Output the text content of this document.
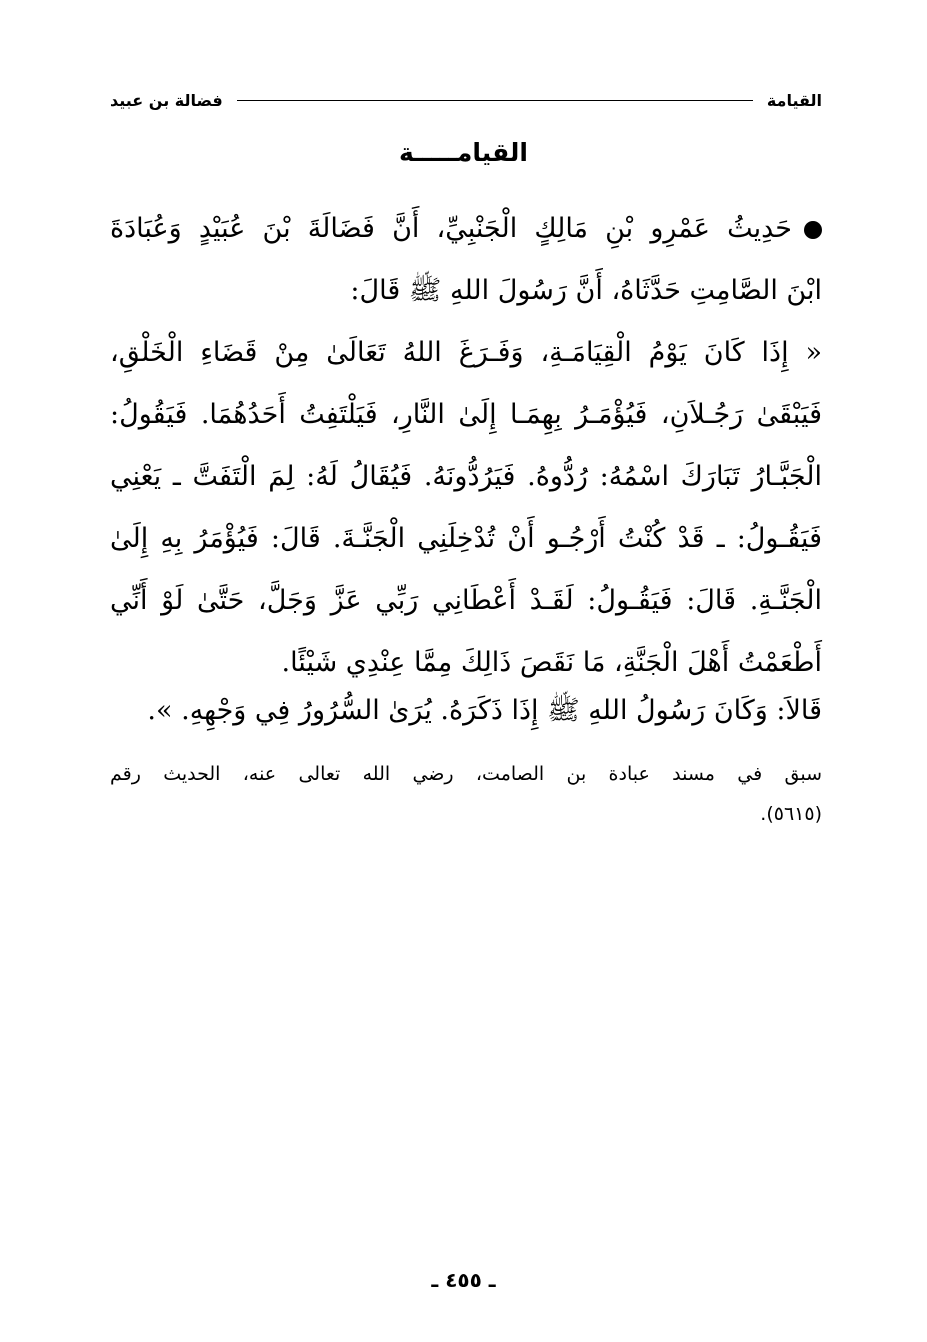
القيامة
فضالة بن عبيد
القيامـــــة
حَدِيثُ عَمْرِو بْنِ مَالِكٍ الْجَنْبِيِّ، أَنَّ فَضَالَةَ بْنَ عُبَيْدٍ وَعُبَادَةَ
ابْنَ الصَّامِتِ حَدَّثَاهُ، أَنَّ رَسُولَ اللهِ ﷺ قَالَ:
« إِذَا كَانَ يَوْمُ الْقِيَامَـةِ، وَفَـرَغَ اللهُ تَعَالَىٰ مِنْ قَضَاءِ الْخَلْقِ،
فَيَبْقَىٰ رَجُـلاَنِ، فَيُؤْمَـرُ بِهِمَـا إِلَىٰ النَّارِ، فَيَلْتَفِتُ أَحَدُهُمَا. فَيَقُولُ:
الْجَبَّـارُ تَبَارَكَ اسْمُهُ: رُدُّوهُ. فَيَرُدُّونَهُ. فَيُقَالُ لَهُ: لِمَ الْتَفَتَّ ـ يَعْنِي
فَيَقُـولُ: ـ قَدْ كُنْتُ أَرْجُـو أَنْ تُدْخِلَنِي الْجَنَّـةَ. قَالَ: فَيُؤْمَرُ بِهِ إِلَىٰ
الْجَنَّـةِ. قَالَ: فَيَقُـولُ: لَقَـدْ أَعْطَانِي رَبِّي عَزَّ وَجَلَّ، حَتَّىٰ لَوْ أَنِّي
أَطْعَمْتُ أَهْلَ الْجَنَّةِ، مَا نَقَصَ ذَالِكَ مِمَّا عِنْدِي شَيْئًا.
قَالاَ: وَكَانَ رَسُولُ اللهِ ﷺ إِذَا ذَكَرَهُ. يُرَىٰ السُّرُورُ فِي وَجْهِهِ. ».
سبق في مسند عبادة بن الصامت، رضي الله تعالى عنه، الحديث رقم
(٥٦١٥).
ـ ٤٥٥ ـ
